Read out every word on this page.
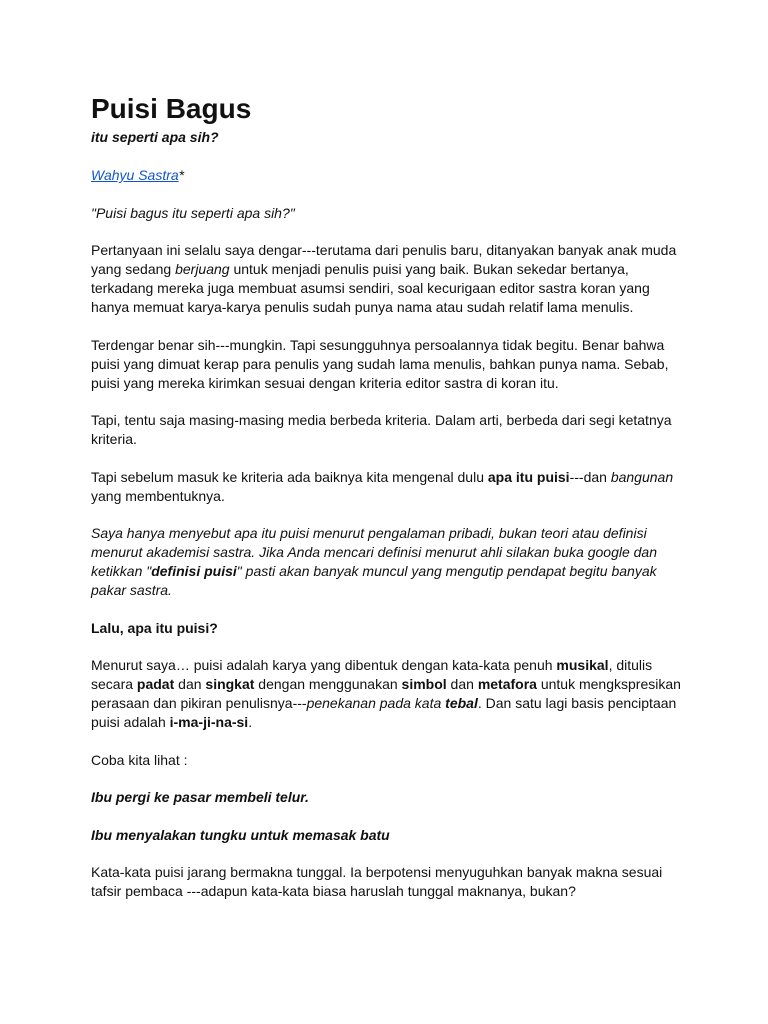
Puisi Bagus

itu seperti apa sih?

Wahyu Sastra*

"Puisi bagus itu seperti apa sih?"

Pertanyaan ini selalu saya dengar---terutama dari penulis baru, ditanyakan banyak anak muda yang sedang berjuang untuk menjadi penulis puisi yang baik. Bukan sekedar bertanya, terkadang mereka juga membuat asumsi sendiri, soal kecurigaan editor sastra koran yang hanya memuat karya-karya penulis sudah punya nama atau sudah relatif lama menulis.

Terdengar benar sih---mungkin. Tapi sesungguhnya persoalannya tidak begitu. Benar bahwa puisi yang dimuat kerap para penulis yang sudah lama menulis, bahkan punya nama. Sebab, puisi yang mereka kirimkan sesuai dengan kriteria editor sastra di koran itu.

Tapi, tentu saja masing-masing media berbeda kriteria. Dalam arti, berbeda dari segi ketatnya kriteria.

Tapi sebelum masuk ke kriteria ada baiknya kita mengenal dulu apa itu puisi---dan bangunan yang membentuknya.

Saya hanya menyebut apa itu puisi menurut pengalaman pribadi, bukan teori atau definisi menurut akademisi sastra. Jika Anda mencari definisi menurut ahli silakan buka google dan ketikkan "definisi puisi" pasti akan banyak muncul yang mengutip pendapat begitu banyak pakar sastra.

Lalu, apa itu puisi?

Menurut saya… puisi adalah karya yang dibentuk dengan kata-kata penuh musikal, ditulis secara padat dan singkat dengan menggunakan simbol dan metafora untuk mengkspresikan perasaan dan pikiran penulisnya---penekanan pada kata tebal. Dan satu lagi basis penciptaan puisi adalah i-ma-ji-na-si.

Coba kita lihat :

Ibu pergi ke pasar membeli telur.

Ibu menyalakan tungku untuk memasak batu

Kata-kata puisi jarang bermakna tunggal. Ia berpotensi menyuguhkan banyak makna sesuai tafsir pembaca ---adapun kata-kata biasa haruslah tunggal maknanya, bukan?
